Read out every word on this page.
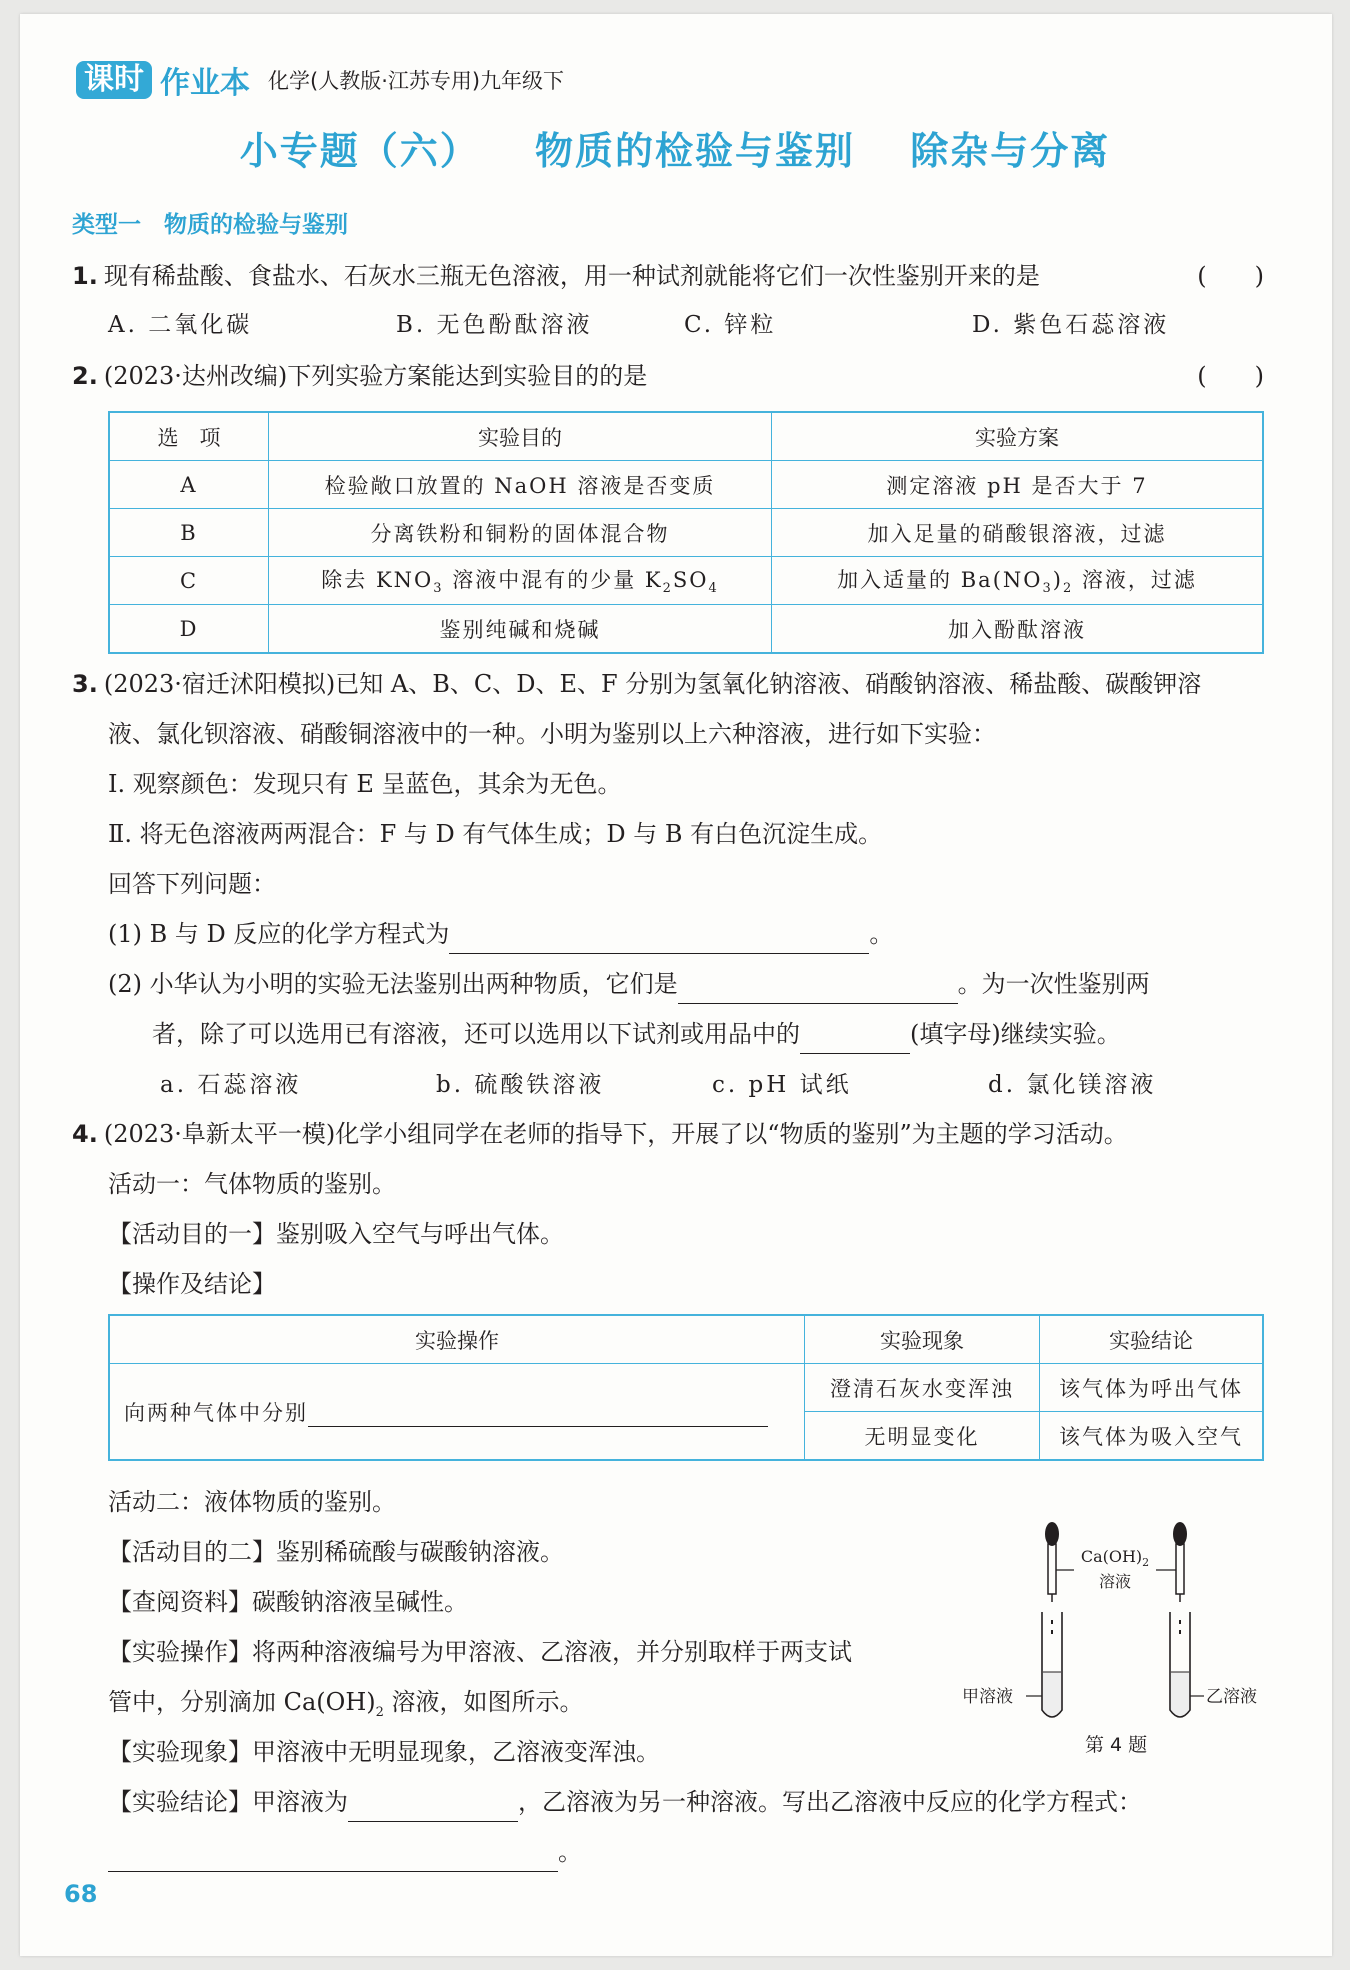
课时 作业本 化学(人教版·江苏专用)九年级下
小专题（六） 物质的检验与鉴别 除杂与分离
类型一　物质的检验与鉴别
1. 现有稀盐酸、食盐水、石灰水三瓶无色溶液，用一种试剂就能将它们一次性鉴别开来的是	(　　)
A. 二氧化碳	B. 无色酚酞溶液	C. 锌粒	D. 紫色石蕊溶液
2. (2023·达州改编)下列实验方案能达到实验目的的是	(　　)
选　项	实验目的	实验方案
A	检验敞口放置的 NaOH 溶液是否变质	测定溶液 pH 是否大于 7
B	分离铁粉和铜粉的固体混合物	加入足量的硝酸银溶液，过滤
C	除去 $KNO_3$ 溶液中混有的少量 $K_2SO_4$	加入适量的 $Ba(NO_3)_2$ 溶液，过滤
D	鉴别纯碱和烧碱	加入酚酞溶液
3. (2023·宿迁沭阳模拟)已知 A、B、C、D、E、F 分别为氢氧化钠溶液、硝酸钠溶液、稀盐酸、碳酸钾溶
液、氯化钡溶液、硝酸铜溶液中的一种。小明为鉴别以上六种溶液，进行如下实验：
Ⅰ. 观察颜色：发现只有 E 呈蓝色，其余为无色。
Ⅱ. 将无色溶液两两混合：F 与 D 有气体生成；D 与 B 有白色沉淀生成。
回答下列问题：
(1) B 与 D 反应的化学方程式为	。
(2) 小华认为小明的实验无法鉴别出两种物质，它们是	。为一次性鉴别两
者，除了可以选用已有溶液，还可以选用以下试剂或用品中的	(填字母)继续实验。
a. 石蕊溶液	b. 硫酸铁溶液	c. pH 试纸	d. 氯化镁溶液
4. (2023·阜新太平一模)化学小组同学在老师的指导下，开展了以“物质的鉴别”为主题的学习活动。
活动一：气体物质的鉴别。
【活动目的一】鉴别吸入空气与呼出气体。
【操作及结论】
实验操作	实验现象	实验结论
向两种气体中分别	澄清石灰水变浑浊	该气体为呼出气体
	无明显变化	该气体为吸入空气
活动二：液体物质的鉴别。
【活动目的二】鉴别稀硫酸与碳酸钠溶液。
【查阅资料】碳酸钠溶液呈碱性。
【实验操作】将两种溶液编号为甲溶液、乙溶液，并分别取样于两支试
管中，分别滴加 $Ca(OH)_2$ 溶液，如图所示。
【实验现象】甲溶液中无明显现象，乙溶液变浑浊。
【实验结论】甲溶液为	，乙溶液为另一种溶液。写出乙溶液中反应的化学方程式：
。
$Ca(OH)_2$
溶液
甲溶液	乙溶液
第 4 题
68
